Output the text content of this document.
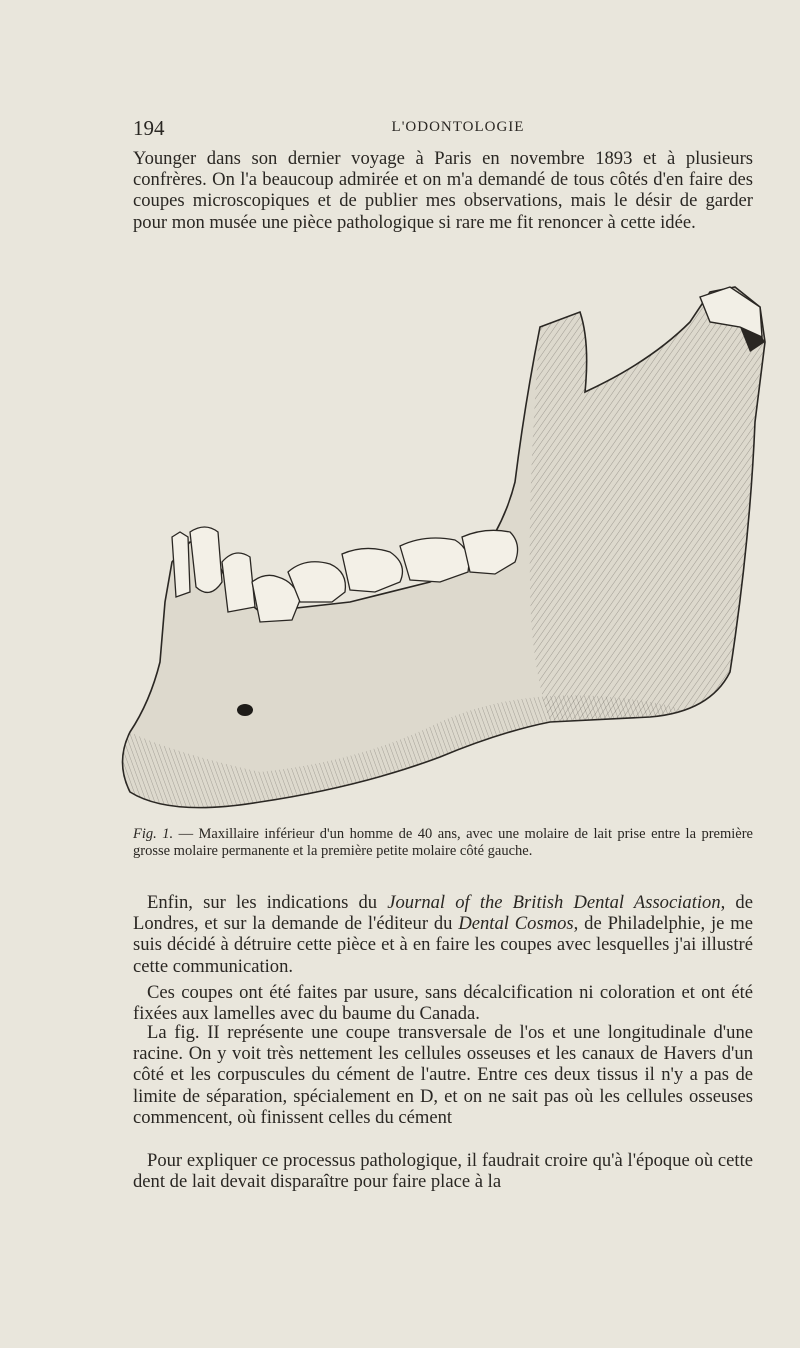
194	L'ODONTOLOGIE

Younger dans son dernier voyage à Paris en novembre 1893 et à plusieurs confrères. On l'a beaucoup admirée et on m'a demandé de tous côtés d'en faire des coupes microscopiques et de publier mes observations, mais le désir de garder pour mon musée une pièce pathologique si rare me fit renoncer à cette idée.

Fig. 1. — Maxillaire inférieur d'un homme de 40 ans, avec une molaire de lait prise entre la première grosse molaire permanente et la première petite molaire côté gauche.

Enfin, sur les indications du Journal of the British Dental Association, de Londres, et sur la demande de l'éditeur du Dental Cosmos, de Philadelphie, je me suis décidé à détruire cette pièce et à en faire les coupes avec lesquelles j'ai illustré cette communication.

Ces coupes ont été faites par usure, sans décalcification ni coloration et ont été fixées aux lamelles avec du baume du Canada.

La fig. II représente une coupe transversale de l'os et une longitudinale d'une racine. On y voit très nettement les cellules osseuses et les canaux de Havers d'un côté et les corpuscules du cément de l'autre. Entre ces deux tissus il n'y a pas de limite de séparation, spécialement en D, et on ne sait pas où les cellules osseuses commencent, où finissent celles du cément

Pour expliquer ce processus pathologique, il faudrait croire qu'à l'époque où cette dent de lait devait disparaître pour faire place à la
